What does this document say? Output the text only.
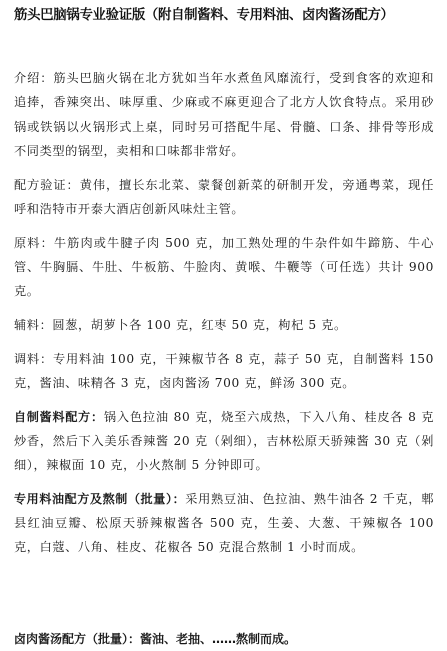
筋头巴脑锅专业验证版（附自制酱料、专用料油、卤肉酱汤配方）

介绍：筋头巴脑火锅在北方犹如当年水煮鱼风靡流行，受到食客的欢迎和追捧，香辣突出、味厚重、少麻或不麻更迎合了北方人饮食特点。采用砂锅或铁锅以火锅形式上桌，同时另可搭配牛尾、骨髓、口条、排骨等形成不同类型的锅型，卖相和口味都非常好。

配方验证：黄伟，擅长东北菜、蒙餐创新菜的研制开发，旁通粤菜，现任呼和浩特市开泰大酒店创新风味灶主管。

原料：牛筋肉或牛腱子肉 500 克，加工熟处理的牛杂件如牛蹄筋、牛心管、牛胸膈、牛肚、牛板筋、牛脸肉、黄喉、牛鞭等（可任选）共计 900 克。

辅料：圆葱，胡萝卜各 100 克，红枣 50 克，枸杞 5 克。

调料：专用料油 100 克，干辣椒节各 8 克，蒜子 50 克，自制酱料 150 克，酱油、味精各 3 克，卤肉酱汤 700 克，鲜汤 300 克。

自制酱料配方：锅入色拉油 80 克，烧至六成热，下入八角、桂皮各 8 克炒香，然后下入美乐香辣酱 20 克（剁细），吉林松原天骄辣酱 30 克（剁细），辣椒面 10 克，小火熬制 5 分钟即可。

专用料油配方及熬制（批量）：采用熟豆油、色拉油、熟牛油各 2 千克，郫县红油豆瓣、松原天骄辣椒酱各 500 克，生姜、大葱、干辣椒各 100 克，白蔻、八角、桂皮、花椒各 50 克混合熬制 1 小时而成。

卤肉酱汤配方（批量）：酱油、老抽、……熬制而成。
